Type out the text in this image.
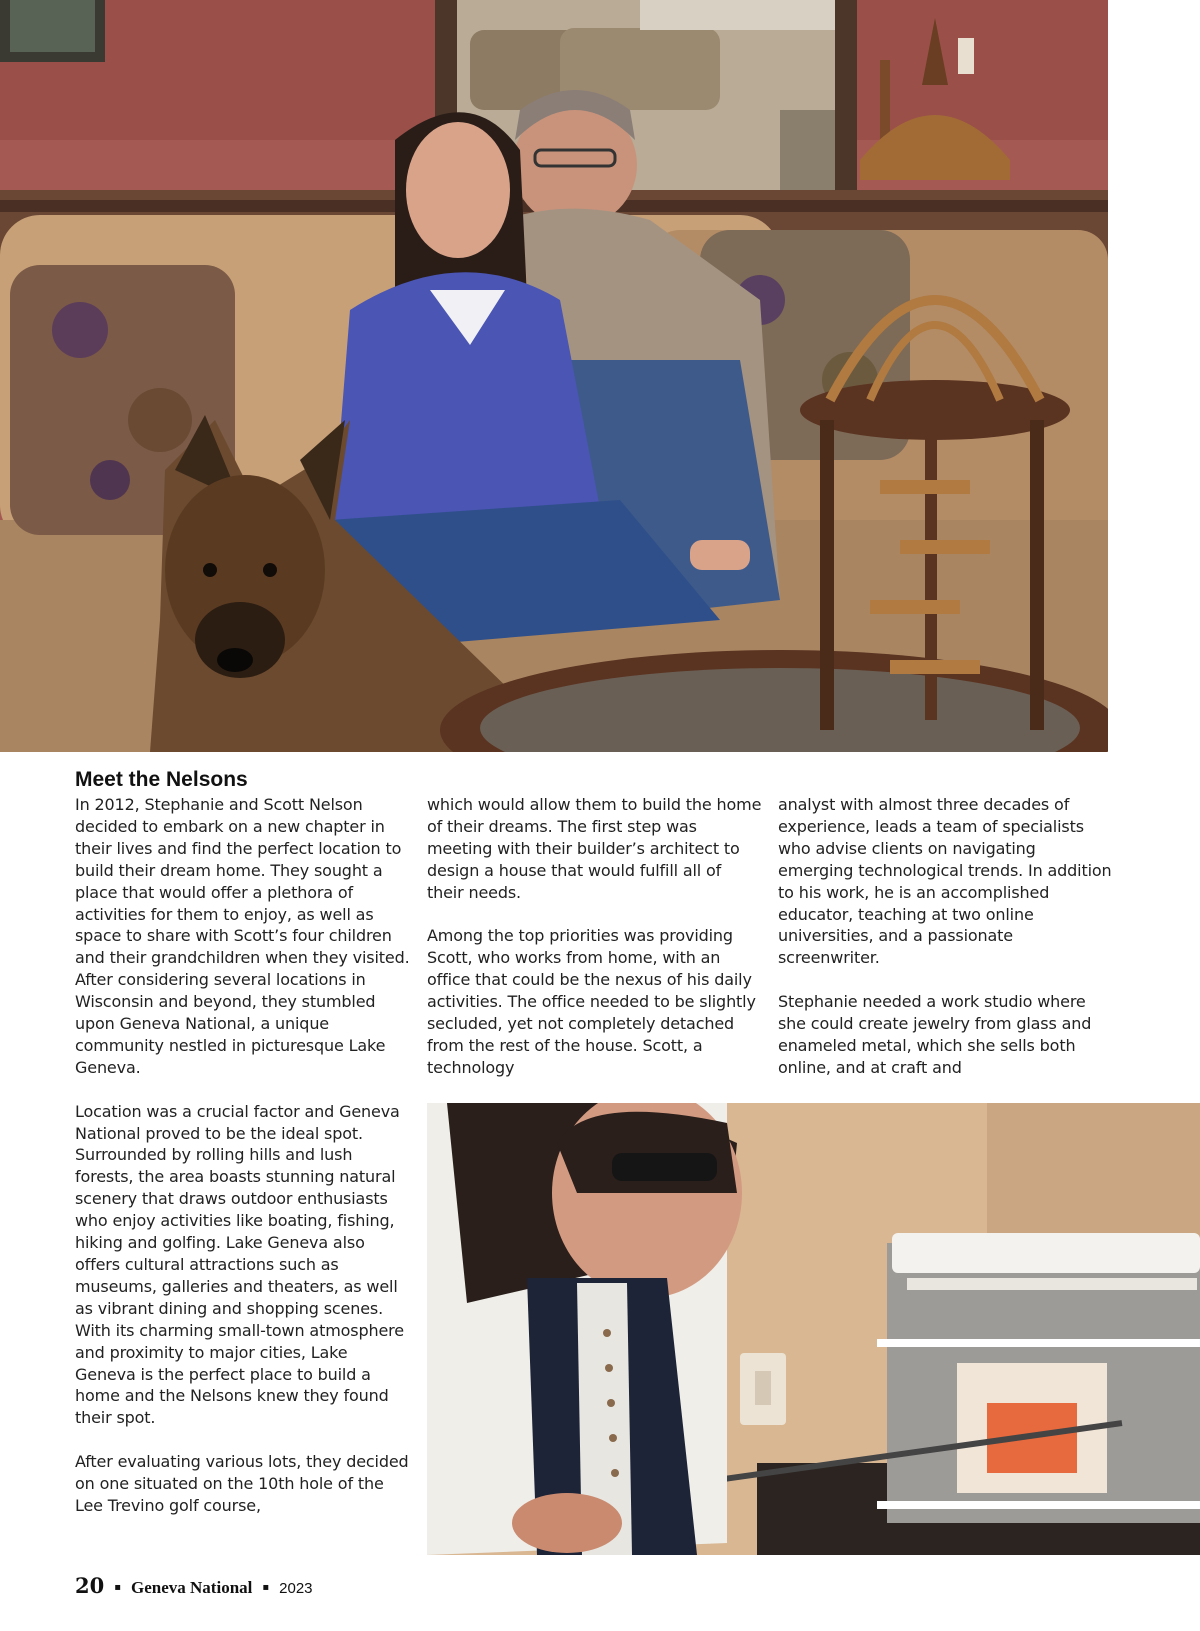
Meet the Nelsons

In 2012, Stephanie and Scott Nelson decided to embark on a new chapter in their lives and find the perfect location to build their dream home. They sought a place that would offer a plethora of activities for them to enjoy, as well as space to share with Scott’s four children and their grandchildren when they visited. After considering several locations in Wisconsin and beyond, they stumbled upon Geneva National, a unique community nestled in picturesque Lake Geneva.

Location was a crucial factor and Geneva National proved to be the ideal spot. Surrounded by rolling hills and lush forests, the area boasts stunning natural scenery that draws outdoor enthusiasts who enjoy activities like boating, fishing, hiking and golfing. Lake Geneva also offers cultural attractions such as museums, galleries and theaters, as well as vibrant dining and shopping scenes. With its charming small-town atmosphere and proximity to major cities, Lake Geneva is the perfect place to build a home and the Nelsons knew they found their spot.

After evaluating various lots, they decided on one situated on the 10th hole of the Lee Trevino golf course,

which would allow them to build the home of their dreams. The first step was meeting with their builder’s architect to design a house that would fulfill all of their needs.

Among the top priorities was providing Scott, who works from home, with an office that could be the nexus of his daily activities. The office needed to be slightly secluded, yet not completely detached from the rest of the house. Scott, a technology

analyst with almost three decades of experience, leads a team of specialists who advise clients on navigating emerging technological trends. In addition to his work, he is an accomplished educator, teaching at two online universities, and a passionate screenwriter.

Stephanie needed a work studio where she could create jewelry from glass and enameled metal, which she sells both online, and at craft and

20 ▪ Geneva National ▪ 2023
